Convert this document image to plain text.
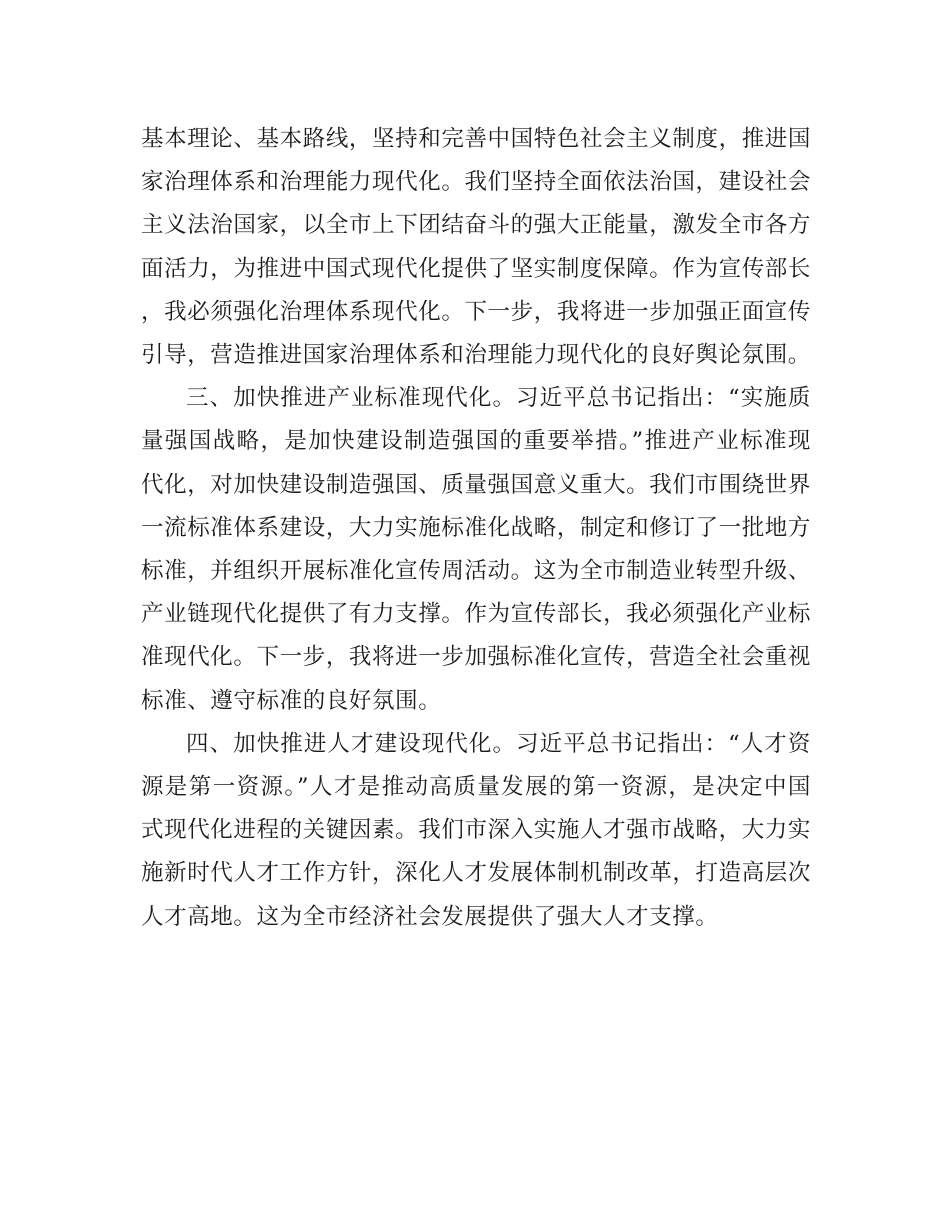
基本理论、基本路线，坚持和完善中国特色社会主义制度，推进国家治理体系和治理能力现代化。我们坚持全面依法治国，建设社会主义法治国家，以全市上下团结奋斗的强大正能量，激发全市各方面活力，为推进中国式现代化提供了坚实制度保障。作为宣传部长，我必须强化治理体系现代化。下一步，我将进一步加强正面宣传引导，营造推进国家治理体系和治理能力现代化的良好舆论氛围。

三、加快推进产业标准现代化。习近平总书记指出：“实施质量强国战略，是加快建设制造强国的重要举措。”推进产业标准现代化，对加快建设制造强国、质量强国意义重大。我们市围绕世界一流标准体系建设，大力实施标准化战略，制定和修订了一批地方标准，并组织开展标准化宣传周活动。这为全市制造业转型升级、产业链现代化提供了有力支撑。作为宣传部长，我必须强化产业标准现代化。下一步，我将进一步加强标准化宣传，营造全社会重视标准、遵守标准的良好氛围。

四、加快推进人才建设现代化。习近平总书记指出：“人才资源是第一资源。”人才是推动高质量发展的第一资源，是决定中国式现代化进程的关键因素。我们市深入实施人才强市战略，大力实施新时代人才工作方针，深化人才发展体制机制改革，打造高层次人才高地。这为全市经济社会发展提供了强大人才支撑。
